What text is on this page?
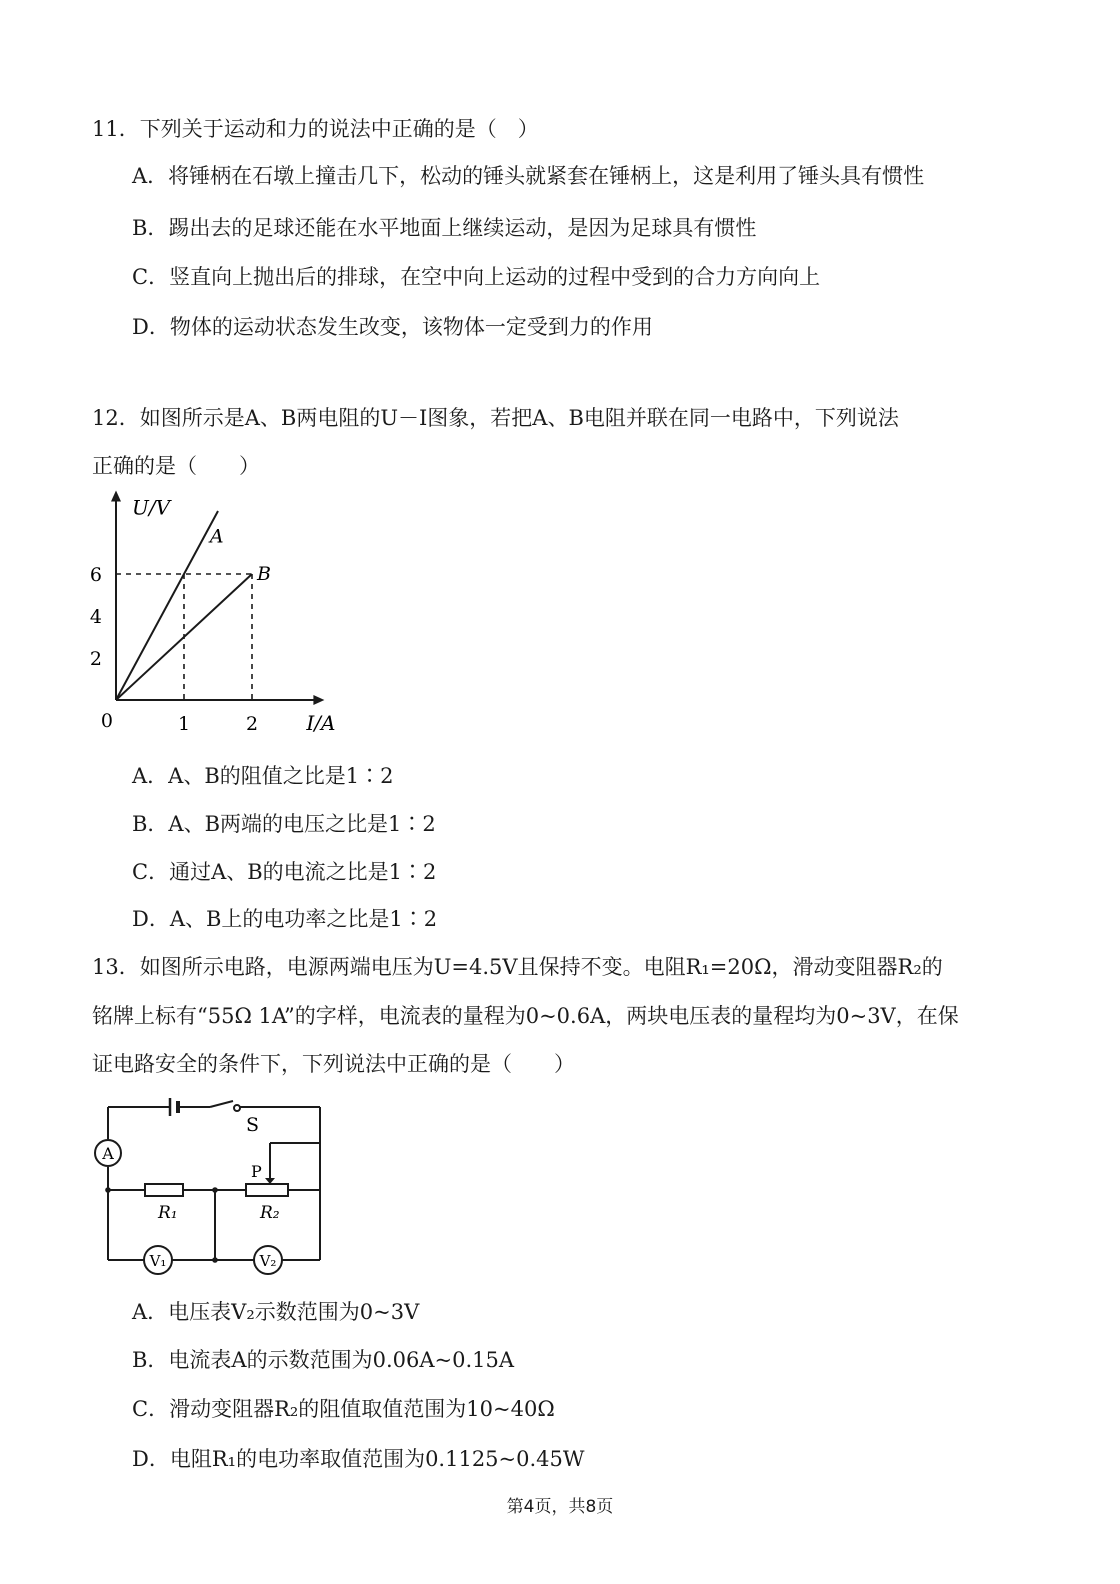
11．下列关于运动和力的说法中正确的是（　）
A．将锤柄在石墩上撞击几下，松动的锤头就紧套在锤柄上，这是利用了锤头具有惯性
B．踢出去的足球还能在水平地面上继续运动，是因为足球具有惯性
C．竖直向上抛出后的排球，在空中向上运动的过程中受到的合力方向向上
D．物体的运动状态发生改变，该物体一定受到力的作用
12．如图所示是A、B两电阻的U－I图象，若把A、B电阻并联在同一电路中，下列说法
正确的是（　　）
A
B
2
4
6
1	2
0
U/V
I/A
A．A、B的阻值之比是1∶2
B．A、B两端的电压之比是1∶2
C．通过A、B的电流之比是1∶2
D．A、B上的电功率之比是1∶2
13．如图所示电路，电源两端电压为U=4.5V且保持不变。电阻R₁=20Ω，滑动变阻器R₂的
铭牌上标有“55Ω 1A”的字样，电流表的量程为0~0.6A，两块电压表的量程均为0~3V，在保
证电路安全的条件下，下列说法中正确的是（　　）
A
S
P
R₁	R₂
V₁	V₂
A．电压表V₂示数范围为0~3V
B．电流表A的示数范围为0.06A~0.15A
C．滑动变阻器R₂的阻值取值范围为10~40Ω
D．电阻R₁的电功率取值范围为0.1125~0.45W
第4页，共8页
